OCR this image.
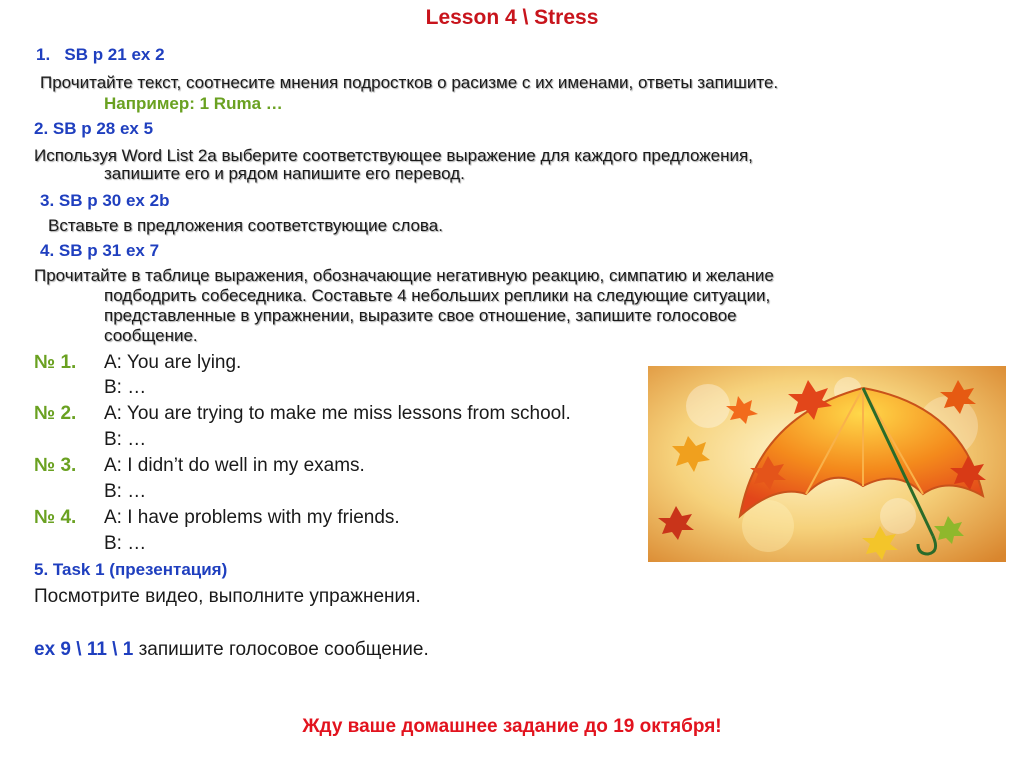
Lesson 4 \ Stress
1. SB p 21 ex 2
Прочитайте текст, соотнесите мнения подростков о расизме с их именами, ответы запишите.
Например: 1 Ruma …
2. SB p 28 ex 5
Используя Word List 2a выберите соответствующее выражение для каждого предложения,
запишите его и рядом напишите его перевод.
3. SB p 30 ex 2b
Вставьте в предложения соответствующие слова.
4. SB p 31 ex 7
Прочитайте в таблице выражения, обозначающие негативную реакцию, симпатию и желание
подбодрить собеседника. Составьте 4 небольших реплики на следующие ситуации,
представленные в упражнении, выразите свое отношение, запишите голосовое
сообщение.
№ 1. A: You are lying.
B: …
№ 2. A: You are trying to make me miss lessons from school.
B: …
№ 3. A: I didn’t do well in my exams.
B: …
№ 4. A: I have problems with my friends.
B: …
5. Task 1 (презентация)
Посмотрите видео, выполните упражнения.
ex 9 \ 11 \ 1 запишите голосовое сообщение.
Жду ваше домашнее задание до 19 октября!
